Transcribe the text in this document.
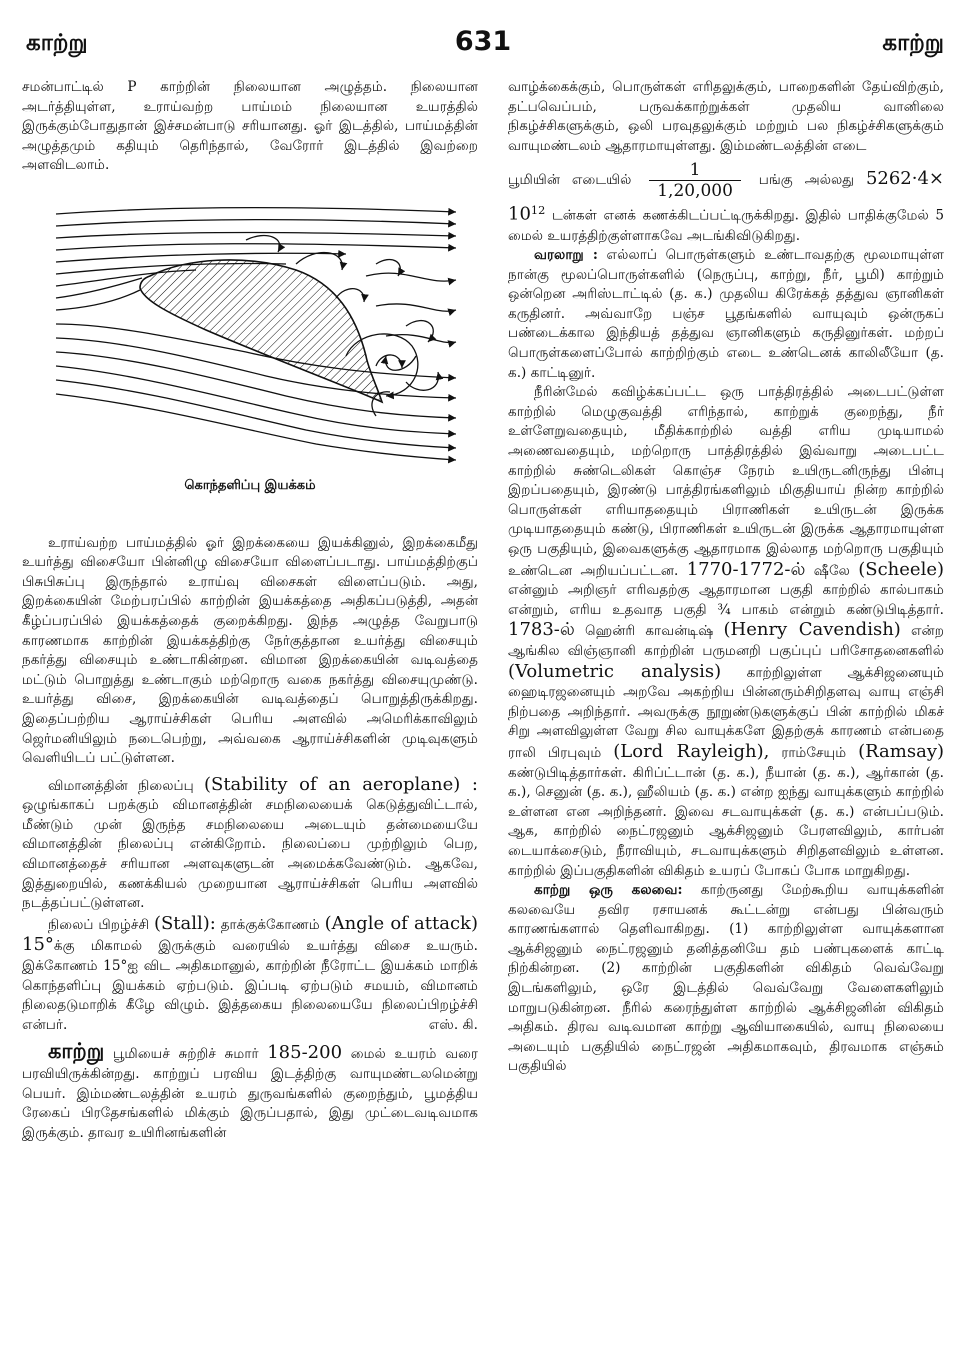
காற்று	631	காற்று

சமன்பாட்டில் P காற்றின் நிலையான அழுத்தம். நிலையான அடர்த்தியுள்ள, உராய்வற்ற பாய்மம் நிலையான உயரத்தில் இருக்கும்போதுதான் இச்சமன்பாடு சரியானது. ஓர் இடத்தில், பாய்மத்தின் அழுத்தமும் கதியும் தெரிந்தால், வேரோர் இடத்தில் இவற்றை அளவிடலாம்.

கொந்தளிப்பு இயக்கம்

உராய்வற்ற பாய்மத்தில் ஓர் இறக்கையை இயக்கினுல், இறக்கைமீது உயர்த்து விசையோ பின்னிழு விசையோ விளைப்படாது. பாய்மத்திற்குப் பிசுபிசுப்பு இருந்தால் உராய்வு விசைகள் விளைப்படும். அது, இறக்கையின் மேற்பரப்பில் காற்றின் இயக்கத்தை அதிகப்படுத்தி, அதன் கீழ்ப்பரப்பில் இயக்கத்தைக் குறைக்கிறது. இந்த அழுத்த வேறுபாடு காரணமாக காற்றின் இயக்கத்திற்கு நேர்குத்தான உயர்த்து விசையும் நகர்த்து விசையும் உண்டாகின்றன. விமான இறக்கையின் வடிவத்தை மட்டும் பொறுத்து உண்டாகும் மற்றொரு வகை நகர்த்து விசையுமுண்டு. உயர்த்து விசை, இறக்கையின் வடிவத்தைப் பொறுத்திருக்கிறது. இதைப்பற்றிய ஆராய்ச்சிகள் பெரிய அளவில் அமெரிக்காவிலும் ஜெர்மனியிலும் நடைபெற்று, அவ்வகை ஆராய்ச்சிகளின் முடிவுகளும் வெளியிடப் பட்டுள்ளன.

விமானத்தின் நிலைப்பு (Stability of an aeroplane) : ஒழுங்காகப் பறக்கும் விமானத்தின் சமநிலையைக் கெடுத்துவிட்டால், மீண்டும் முன் இருந்த சமநிலையை அடையும் தன்மையையே விமானத்தின் நிலைப்பு என்கிறோம். நிலைப்பை முற்றிலும் பெற, விமானத்தைச் சரியான அளவுகளுடன் அமைக்கவேண்டும். ஆகவே, இத்துறையில், கணக்கியல் முறையான ஆராய்ச்சிகள் பெரிய அளவில் நடத்தப்பட்டுள்ளன.

நிலைப் பிறழ்ச்சி (Stall): தாக்குக்கோணம் (Angle of attack) 15°க்கு மிகாமல் இருக்கும் வரையில் உயர்த்து விசை உயரும். இக்கோணம் 15°ஐ விட அதிகமானுல், காற்றின் நீரோட்ட இயக்கம் மாறிக் கொந்தளிப்பு இயக்கம் ஏற்படும். இப்படி ஏற்படும் சமயம், விமானம் நிலைதடுமாறிக் கீழே விழும். இத்தகைய நிலையையே நிலைப்பிறழ்ச்சி என்பர்.	எஸ். கி.

காற்று பூமியைச் சுற்றிச் சுமார் 185-200 மைல் உயரம் வரை பரவியிருக்கின்றது. காற்றுப் பரவிய இடத்திற்கு வாயுமண்டலமென்று பெயர். இம்மண்டலத்தின் உயரம் துருவங்களில் குறைந்தும், பூமத்திய ரேகைப் பிரதேசங்களில் மிக்கும் இருப்பதால், இது முட்டைவடிவமாக இருக்கும். தாவர உயிரினங்களின்

வாழ்க்கைக்கும், பொருள்கள் எரிதலுக்கும், பாறைகளின் தேய்விற்கும், தட்பவெப்பம், பருவக்காற்றுக்கள் முதலிய வானிலை நிகழ்ச்சிகளுக்கும், ஒலி பரவுதலுக்கும் மற்றும் பல நிகழ்ச்சிகளுக்கும் வாயுமண்டலம் ஆதாரமாயுள்ளது. இம்மண்டலத்தின் எடை

பூமியின் எடையில் $\frac{1}{1,20,000}$ பங்கு அல்லது $5262\cdot 4\times 10^{12}$ டன்கள் எனக் கணக்கிடப்பட்டிருக்கிறது. இதில் பாதிக்குமேல் 5 மைல் உயரத்திற்குள்ளாகவே அடங்கிவிடுகிறது.

வரலாறு : எல்லாப் பொருள்களும் உண்டாவதற்கு மூலமாயுள்ள நான்கு மூலப்பொருள்களில் (நெருப்பு, காற்று, நீர், பூமி) காற்றும் ஒன்றென அரிஸ்டாட்டில் (த. க.) முதலிய கிரேக்கத் தத்துவ ஞானிகள் கருதினர். அவ்வாறே பஞ்ச பூதங்களில் வாயுவும் ஒன்ருகப் பண்டைக்கால இந்தியத் தத்துவ ஞானிகளும் கருதினுர்கள். மற்றப் பொருள்களைப்போல் காற்றிற்கும் எடை உண்டெனக் காலிலீயோ (த. க.) காட்டினுர்.

நீரின்மேல் கவிழ்க்கப்பட்ட ஒரு பாத்திரத்தில் அடைபட்டுள்ள காற்றில் மெழுகுவத்தி எரிந்தால், காற்றுக் குறைந்து, நீர் உள்ளேறுவதையும், மீதிக்காற்றில் வத்தி எரிய முடியாமல் அணைவதையும், மற்றொரு பாத்திரத்தில் இவ்வாறு அடைபட்ட காற்றில் சுண்டெலிகள் கொஞ்ச நேரம் உயிருடனிருந்து பின்பு இறப்பதையும், இரண்டு பாத்திரங்களிலும் மிகுதியாய் நின்ற காற்றில் பொருள்கள் எரியாததையும் பிராணிகள் உயிருடன் இருக்க முடியாததையும் கண்டு, பிராணிகள் உயிருடன் இருக்க ஆதாரமாயுள்ள ஒரு பகுதியும், இவைகளுக்கு ஆதாரமாக இல்லாத மற்றொரு பகுதியும் உண்டென அறியப்பட்டன. 1770-1772-ல் ஷீலே (Scheele) என்னும் அறிஞர் எரிவதற்கு ஆதாரமான பகுதி காற்றில் கால்பாகம் என்றும், எரிய உதவாத பகுதி ¾ பாகம் என்றும் கண்டுபிடித்தார். 1783-ல் ஹென்ரி காவன்டிஷ் (Henry Cavendish) என்ற ஆங்கில விஞ்ஞானி காற்றின் பருமனறி பகுப்புப் பரிசோதனைகளில் (Volumetric analysis) காற்றிலுள்ள ஆக்சிஜனையும் ஹைடிரஜனையும் அறவே அகற்றிய பின்னரும்சிறிதளவு வாயு எஞ்சி நிற்பதை அறிந்தார். அவருக்கு நூறுண்டுகளுக்குப் பின் காற்றில் மிகச் சிறு அளவிலுள்ள வேறு சில வாயுக்களே இதற்குக் காரணம் என்பதை ராலி பிரபுவும் (Lord Rayleigh), ராம்சேயும் (Ramsay) கண்டுபிடித்தார்கள். கிரிப்ட்டான் (த. க.), நீயான் (த. க.), ஆர்கான் (த. க.), செனுன் (த. க.), ஹீலியம் (த. க.) என்ற ஐந்து வாயுக்களும் காற்றில் உள்ளன என அறிந்தனர். இவை சடவாயுக்கள் (த. க.) என்பப்படும். ஆக, காற்றில் நைட்ரஜனும் ஆக்சிஜனும் பேரளவிலும், கார்பன் டையாக்சைடும், நீராவியும், சடவாயுக்களும் சிறிதளவிலும் உள்ளன. காற்றில் இப்பகுதிகளின் விகிதம் உயரப் போகப் போக மாறுகிறது.

காற்று ஒரு கலவை: காற்ருனது மேற்கூறிய வாயுக்களின் கலவையே தவிர ரசாயனக் கூட்டன்று என்பது பின்வரும் காரணங்களால் தெளிவாகிறது. (1) காற்றிலுள்ள வாயுக்களான ஆக்சிஜனும் நைட்ரஜனும் தனித்தனியே தம் பண்புகளைக் காட்டி நிற்கின்றன. (2) காற்றின் பகுதிகளின் விகிதம் வெவ்வேறு இடங்களிலும், ஒரே இடத்தில் வெவ்வேறு வேளைகளிலும் மாறுபடுகின்றன. நீரில் கரைந்துள்ள காற்றில் ஆக்சிஜனின் விகிதம் அதிகம். திரவ வடிவமான காற்று ஆவியாகையில், வாயு நிலையை அடையும் பகுதியில் நைட்ரஜன் அதிகமாகவும், திரவமாக எஞ்சும் பகுதியில்
